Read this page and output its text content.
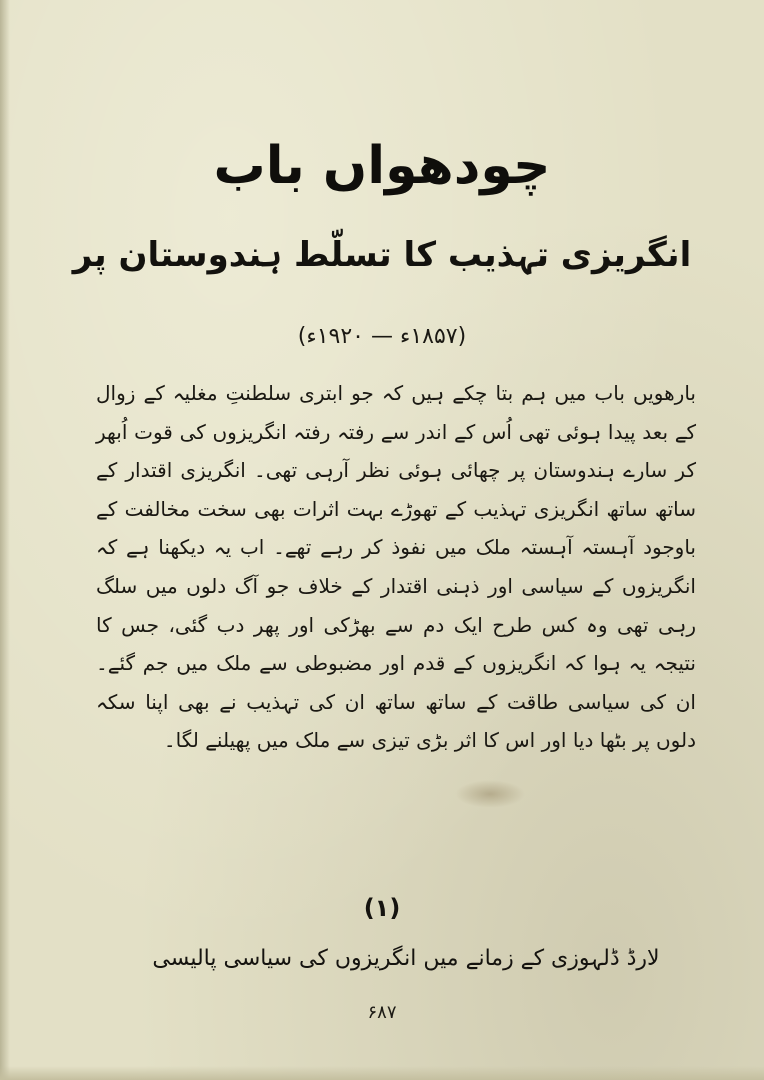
چودھواں باب
انگریزی تہذیب کا تسلّط ہندوستان پر
(۱۸۵۷ء — ۱۹۲۰ء)

بارھویں باب میں ہم بتا چکے ہیں کہ جو ابتری سلطنتِ مغلیہ کے زوال کے بعد پیدا ہوئی تھی اُس کے اندر سے رفتہ رفتہ انگریزوں کی قوت اُبھر کر سارے ہندوستان پر چھائی ہوئی نظر آرہی تھی۔ انگریزی اقتدار کے ساتھ ساتھ انگریزی تہذیب کے تھوڑے بہت اثرات بھی سخت مخالفت کے باوجود آہستہ آہستہ ملک میں نفوذ کر رہے تھے۔ اب یہ دیکھنا ہے کہ انگریزوں کے سیاسی اور ذہنی اقتدار کے خلاف جو آگ دلوں میں سلگ رہی تھی وہ کس طرح ایک دم سے بھڑکی اور پھر دب گئی، جس کا نتیجہ یہ ہوا کہ انگریزوں کے قدم اور مضبوطی سے ملک میں جم گئے۔ ان کی سیاسی طاقت کے ساتھ ساتھ ان کی تہذیب نے بھی اپنا سکہ دلوں پر بٹھا دیا اور اس کا اثر بڑی تیزی سے ملک میں پھیلنے لگا۔

(۱)
لارڈ ڈلہوزی کے زمانے میں انگریزوں کی سیاسی پالیسی
۶۸۷
